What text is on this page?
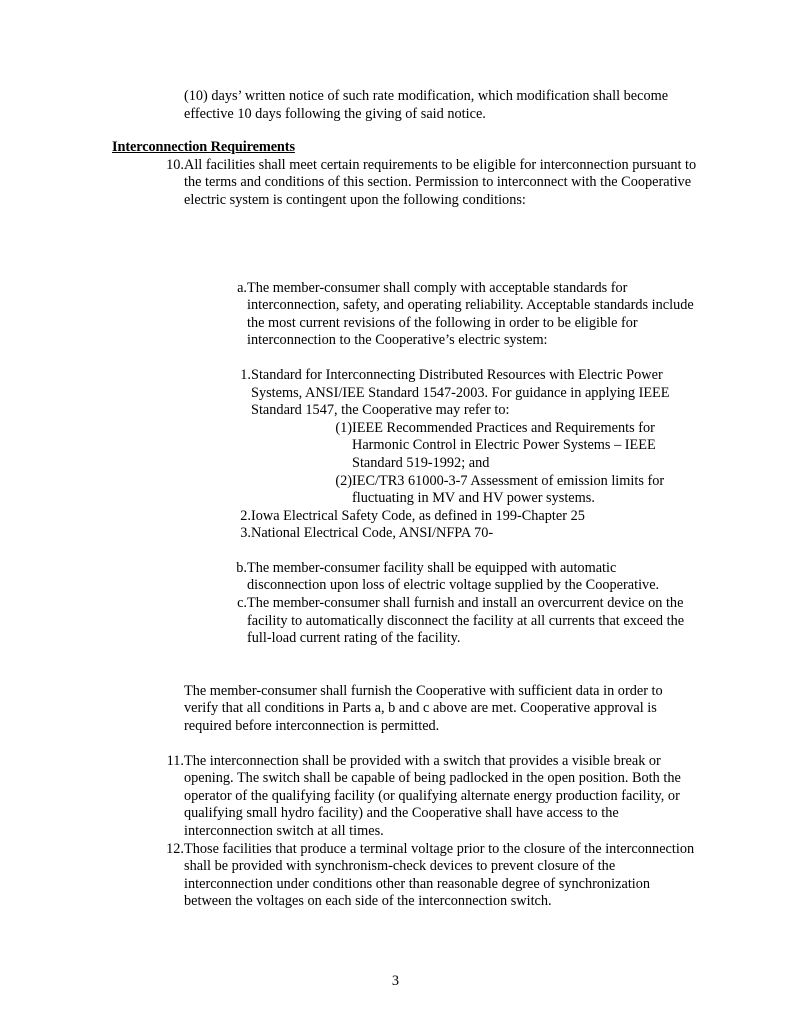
(10) days’ written notice of such rate modification, which modification shall become effective 10 days following the giving of said notice.
Interconnection Requirements
10. All facilities shall meet certain requirements to be eligible for interconnection pursuant to the terms and conditions of this section. Permission to interconnect with the Cooperative electric system is contingent upon the following conditions:
a. The member-consumer shall comply with acceptable standards for interconnection, safety, and operating reliability. Acceptable standards include the most current revisions of the following in order to be eligible for interconnection to the Cooperative’s electric system:
1. Standard for Interconnecting Distributed Resources with Electric Power Systems, ANSI/IEE Standard 1547-2003. For guidance in applying IEEE Standard 1547, the Cooperative may refer to:
(1) IEEE Recommended Practices and Requirements for Harmonic Control in Electric Power Systems – IEEE Standard 519-1992; and
(2) IEC/TR3 61000-3-7 Assessment of emission limits for fluctuating in MV and HV power systems.
2. Iowa Electrical Safety Code, as defined in 199-Chapter 25
3. National Electrical Code, ANSI/NFPA 70-
b. The member-consumer facility shall be equipped with automatic disconnection upon loss of electric voltage supplied by the Cooperative.
c. The member-consumer shall furnish and install an overcurrent device on the facility to automatically disconnect the facility at all currents that exceed the full-load current rating of the facility.
The member-consumer shall furnish the Cooperative with sufficient data in order to verify that all conditions in Parts a, b and c above are met. Cooperative approval is required before interconnection is permitted.
11. The interconnection shall be provided with a switch that provides a visible break or opening. The switch shall be capable of being padlocked in the open position. Both the operator of the qualifying facility (or qualifying alternate energy production facility, or qualifying small hydro facility) and the Cooperative shall have access to the interconnection switch at all times.
12. Those facilities that produce a terminal voltage prior to the closure of the interconnection shall be provided with synchronism-check devices to prevent closure of the interconnection under conditions other than reasonable degree of synchronization between the voltages on each side of the interconnection switch.
3
